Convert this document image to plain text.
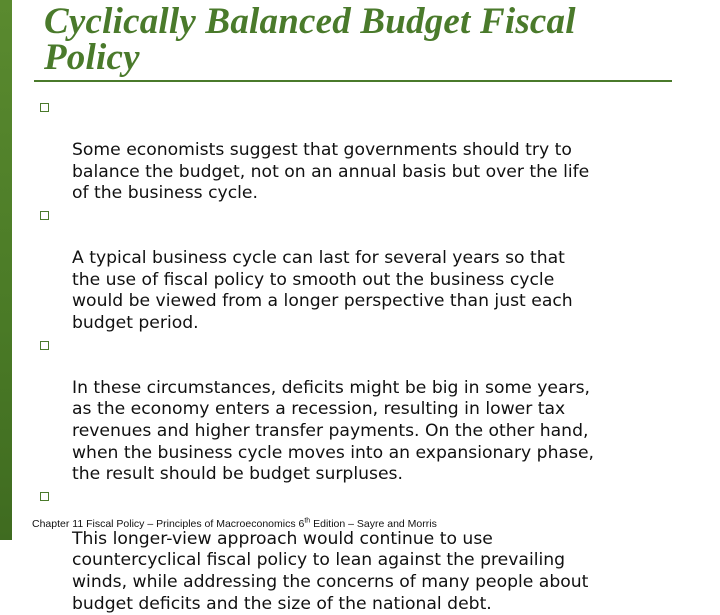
Cyclically Balanced Budget Fiscal
Policy

Some economists suggest that governments should try to
balance the budget, not on an annual basis but over the life
of the business cycle.

A typical business cycle can last for several years so that
the use of fiscal policy to smooth out the business cycle
would be viewed from a longer perspective than just each
budget period.

In these circumstances, deficits might be big in some years,
as the economy enters a recession, resulting in lower tax
revenues and higher transfer payments. On the other hand,
when the business cycle moves into an expansionary phase,
the result should be budget surpluses.

This longer-view approach would continue to use
countercyclical fiscal policy to lean against the prevailing
winds, while addressing the concerns of many people about
budget deficits and the size of the national debt.

Chapter 11 Fiscal Policy – Principles of Macroeconomics 6th Edition – Sayre and Morris
